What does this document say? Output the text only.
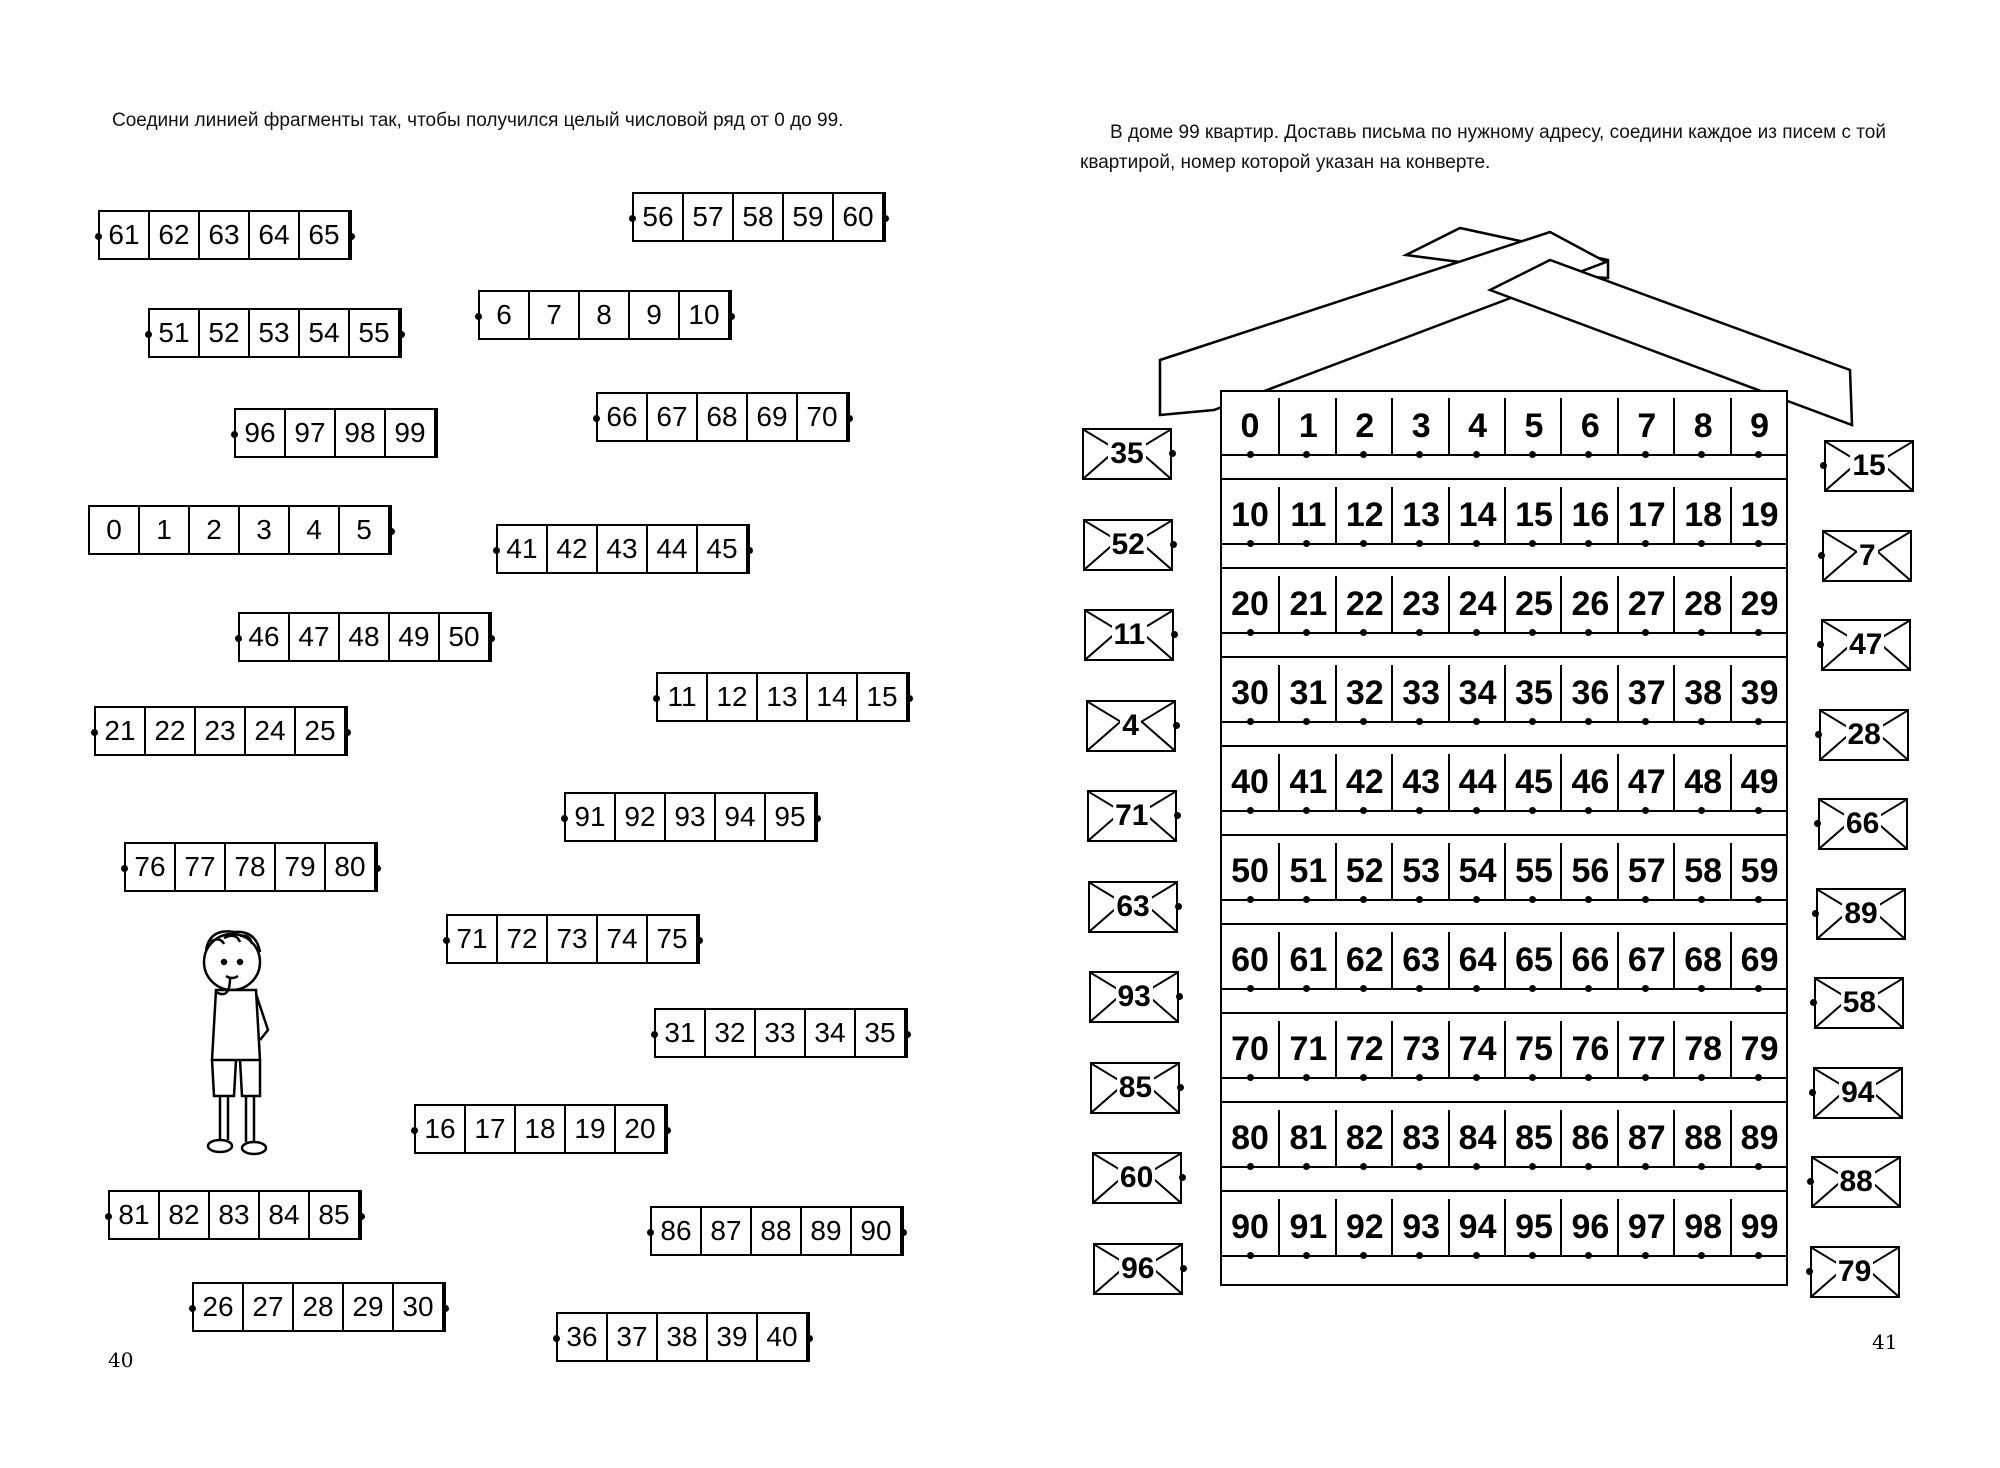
Соедини линией фрагменты так, чтобы получился целый числовой ряд от 0 до 99.
61 62 63 64 65
56 57 58 59 60
51 52 53 54 55
6	7	8	9 10
96 97 98 99
66 67 68 69 70
0	1	2	3	4	5
41 42 43 44 45
46 47 48 49 50
11 12 13 14 15
21 22 23 24 25
91 92 93 94 95
76 77 78 79 80
71 72 73 74 75
31 32 33 34 35
16 17 18 19 20
81 82 83 84 85
86 87 88 89 90
26 27 28 29 30
36 37 38 39 40
40
В доме 99 квартир. Доставь письма по нужному адресу, соедини каждое из писем с той квартирой, номер которой указан на конверте.
41
0	1	2	3	4	5	6	7	8	9
10 11 12 13 14 15 16 17 18 19
20 21 22 23 24 25 26 27 28 29
30 31 32 33 34 35 36 37 38 39
40 41 42 43 44 45 46 47 48 49
50 51 52 53 54 55 56 57 58 59
60 61 62 63 64 65 66 67 68 69
70 71 72 73 74 75 76 77 78 79
80 81 82 83 84 85 86 87 88 89
90 91 92 93 94 95 96 97 98 99
35
52
11
4
71
63
93
85
60
96
15
7
47
28
66
89
58
94
88
79
